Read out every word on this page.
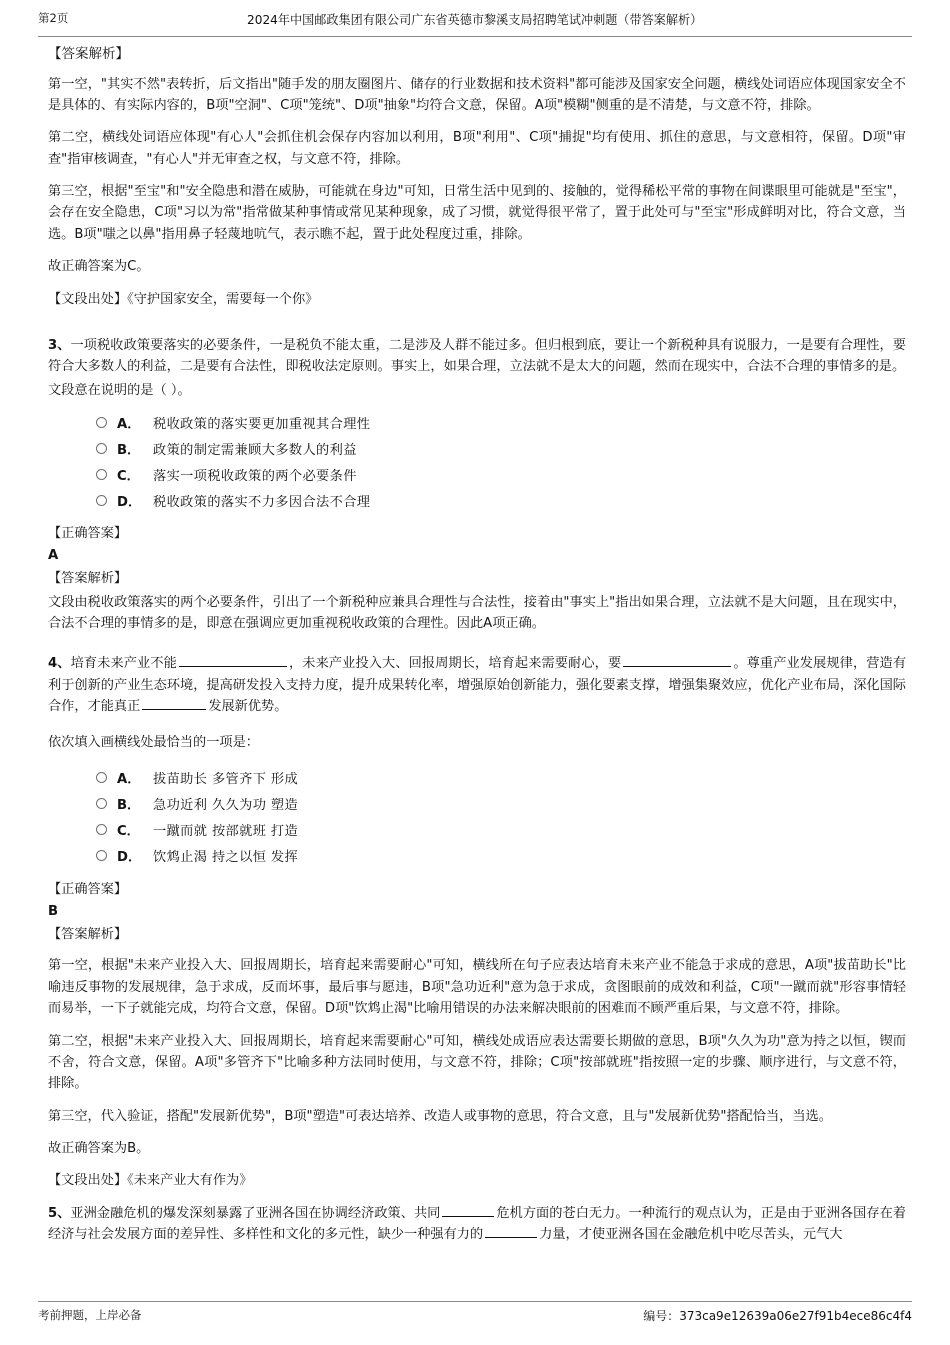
第2页	2024年中国邮政集团有限公司广东省英德市黎溪支局招聘笔试冲刺题（带答案解析）
【答案解析】

第一空，"其实不然"表转折，后文指出"随手发的朋友圈图片、储存的行业数据和技术资料"都可能涉及国家安全问题，横线处词语应体现国家安全不是具体的、有实际内容的，B项"空洞"、C项"笼统"、D项"抽象"均符合文意，保留。A项"模糊"侧重的是不清楚，与文意不符，排除。

第二空，横线处词语应体现"有心人"会抓住机会保存内容加以利用，B项"利用"、C项"捕捉"均有使用、抓住的意思，与文意相符，保留。D项"审查"指审核调查，"有心人"并无审查之权，与文意不符，排除。

第三空，根据"至宝"和"安全隐患和潜在威胁，可能就在身边"可知，日常生活中见到的、接触的，觉得稀松平常的事物在间谍眼里可能就是"至宝"，会存在安全隐患，C项"习以为常"指常做某种事情或常见某种现象，成了习惯，就觉得很平常了，置于此处可与"至宝"形成鲜明对比，符合文意，当选。B项"嗤之以鼻"指用鼻子轻蔑地吭气，表示瞧不起，置于此处程度过重，排除。

故正确答案为C。

【文段出处】《守护国家安全，需要每一个你》

3、一项税收政策要落实的必要条件，一是税负不能太重，二是涉及人群不能过多。但归根到底，要让一个新税种具有说服力，一是要有合理性，要符合大多数人的利益，二是要有合法性，即税收法定原则。事实上，如果合理，立法就不是太大的问题，然而在现实中，合法不合理的事情多的是。

文段意在说明的是（ ）。
A． 税收政策的落实要更加重视其合理性
B． 政策的制定需兼顾大多数人的利益
C． 落实一项税收政策的两个必要条件
D． 税收政策的落实不力多因合法不合理
【正确答案】
A
【答案解析】

文段由税收政策落实的两个必要条件，引出了一个新税种应兼具合理性与合法性，接着由"事实上"指出如果合理，立法就不是大问题，且在现实中，合法不合理的事情多的是，即意在强调应更加重视税收政策的合理性。因此A项正确。

4、培育未来产业不能	，未来产业投入大、回报周期长，培育起来需要耐心，要	。尊重产业发展规律，营造有利于创新的产业生态环境，提高研发投入支持力度，提升成果转化率，增强原始创新能力，强化要素支撑，增强集聚效应，优化产业布局，深化国际合作，才能真正	发展新优势。

依次填入画横线处最恰当的一项是：
A． 拔苗助长 多管齐下 形成
B． 急功近利 久久为功 塑造
C． 一蹴而就 按部就班 打造
D． 饮鸩止渴 持之以恒 发挥
【正确答案】
B
【答案解析】

第一空，根据"未来产业投入大、回报周期长，培育起来需要耐心"可知，横线所在句子应表达培育未来产业不能急于求成的意思，A项"拔苗助长"比喻违反事物的发展规律，急于求成，反而坏事，最后事与愿违，B项"急功近利"意为急于求成，贪图眼前的成效和利益，C项"一蹴而就"形容事情轻而易举，一下子就能完成，均符合文意，保留。D项"饮鸩止渴"比喻用错误的办法来解决眼前的困难而不顾严重后果，与文意不符，排除。

第二空，根据"未来产业投入大、回报周期长，培育起来需要耐心"可知，横线处成语应表达需要长期做的意思，B项"久久为功"意为持之以恒，锲而不舍，符合文意，保留。A项"多管齐下"比喻多种方法同时使用，与文意不符，排除；C项"按部就班"指按照一定的步骤、顺序进行，与文意不符，排除。

第三空，代入验证，搭配"发展新优势"，B项"塑造"可表达培养、改造人或事物的意思，符合文意，且与"发展新优势"搭配恰当，当选。

故正确答案为B。

【文段出处】《未来产业大有作为》

5、亚洲金融危机的爆发深刻暴露了亚洲各国在协调经济政策、共同	危机方面的苍白无力。一种流行的观点认为，正是由于亚洲各国存在着经济与社会发展方面的差异性、多样性和文化的多元性，缺少一种强有力的	力量，才使亚洲各国在金融危机中吃尽苦头，元气大

考前押题，上岸必备	编号：373ca9e12639a06e27f91b4ece86c4f4
